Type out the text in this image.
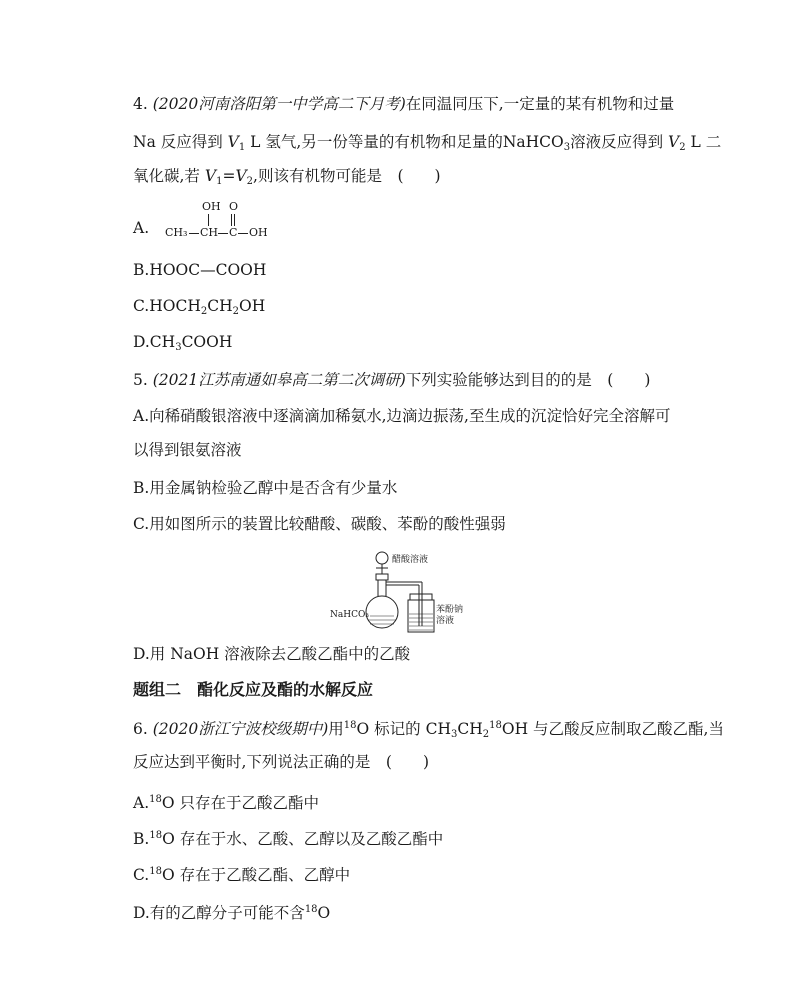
4. (2020河南洛阳第一中学高二下月考)在同温同压下,一定量的某有机物和过量
Na 反应得到 $V_1$ L 氢气,另一份等量的有机物和足量的NaHCO$_3$溶液反应得到 $V_2$ L 二
氧化碳,若 $V_1=V_2$,则该有机物可能是　(　　)
A. CH₃ CH C OH
OH O
B.HOOC—COOH
$C.HOCH_2CH_2OH$
$D.CH_3COOH$
5. (2021江苏南通如皋高二第二次调研)下列实验能够达到目的的是　(　　)
A.向稀硝酸银溶液中逐滴滴加稀氨水,边滴边振荡,至生成的沉淀恰好完全溶解可
以得到银氨溶液
B.用金属钠检验乙醇中是否含有少量水
C.用如图所示的装置比较醋酸、碳酸、苯酚的酸性强弱
醋酸溶液
NaHCO₃	苯酚钠
溶液
D.用 NaOH 溶液除去乙酸乙酯中的乙酸
题组二　酯化反应及酯的水解反应
6. (2020浙江宁波校级期中)用$^{18}$O 标记的 $CH_3CH_2^{18}OH$ 与乙酸反应制取乙酸乙酯,当
反应达到平衡时,下列说法正确的是　(　　)
A.$^{18}$O 只存在于乙酸乙酯中
B.$^{18}$O 存在于水、乙酸、乙醇以及乙酸乙酯中
C.$^{18}$O 存在于乙酸乙酯、乙醇中
D.有的乙醇分子可能不含$^{18}$O
